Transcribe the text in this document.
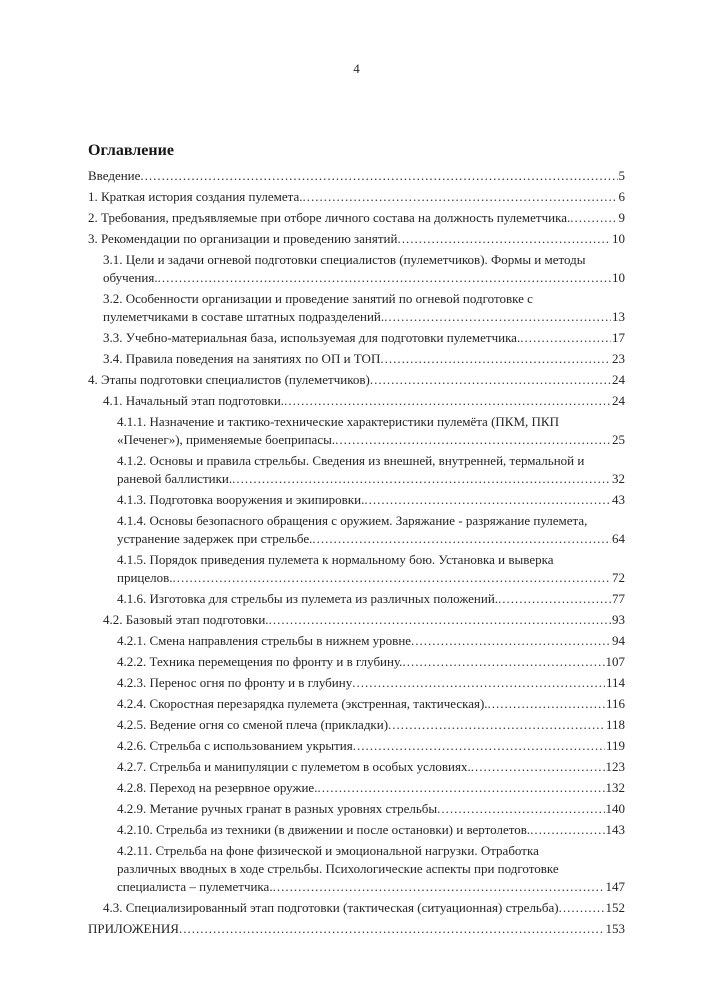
4
Оглавление
Введение .....	5
1. Краткая история создания пулемета. .....	6
2. Требования, предъявляемые при отборе личного состава на должность пулеметчика. .....	9
3. Рекомендации по организации и проведению занятий .....	10
3.1. Цели и задачи огневой подготовки специалистов (пулеметчиков). Формы и методы
обучения. .....	10
3.2. Особенности организации и проведение занятий по огневой подготовке с
пулеметчиками в составе штатных подразделений. .....	13
3.3. Учебно-материальная база, используемая для подготовки пулеметчика. .....	17
3.4. Правила поведения на занятиях по ОП и ТОП .....	23
4. Этапы подготовки специалистов (пулеметчиков) .....	24
4.1. Начальный этап подготовки. .....	24
4.1.1. Назначение и тактико-технические характеристики пулемёта (ПКМ, ПКП
«Печенег»), применяемые боеприпасы. .....	25
4.1.2. Основы и правила стрельбы. Сведения из внешней, внутренней, термальной и
раневой баллистики. .....	32
4.1.3. Подготовка вооружения и экипировки. .....	43
4.1.4. Основы безопасного обращения с оружием. Заряжание - разряжание пулемета,
устранение задержек при стрельбе. .....	64
4.1.5. Порядок приведения пулемета к нормальному бою. Установка и выверка
прицелов. .....	72
4.1.6. Изготовка для стрельбы из пулемета из различных положений. .....	77
4.2. Базовый этап подготовки. .....	93
4.2.1. Смена направления стрельбы в нижнем уровне .....	94
4.2.2. Техника перемещения по фронту и в глубину. .....	107
4.2.3. Перенос огня по фронту и в глубину .....	114
4.2.4. Скоростная перезарядка пулемета (экстренная, тактическая). .....	116
4.2.5. Ведение огня со сменой плеча (прикладки) .....	118
4.2.6. Стрельба с использованием укрытия .....	119
4.2.7. Стрельба и манипуляции с пулеметом в особых условиях. .....	123
4.2.8. Переход на резервное оружие. .....	132
4.2.9. Метание ручных гранат в разных уровнях стрельбы .....	140
4.2.10. Стрельба из техники (в движении и после остановки) и вертолетов. .....	143
4.2.11. Стрельба на фоне физической и эмоциональной нагрузки. Отработка
различных вводных в ходе стрельбы. Психологические аспекты при подготовке
специалиста – пулеметчика. .....	147
4.3. Специализированный этап подготовки (тактическая (ситуационная) стрельба) .....	152
ПРИЛОЖЕНИЯ .....	153
